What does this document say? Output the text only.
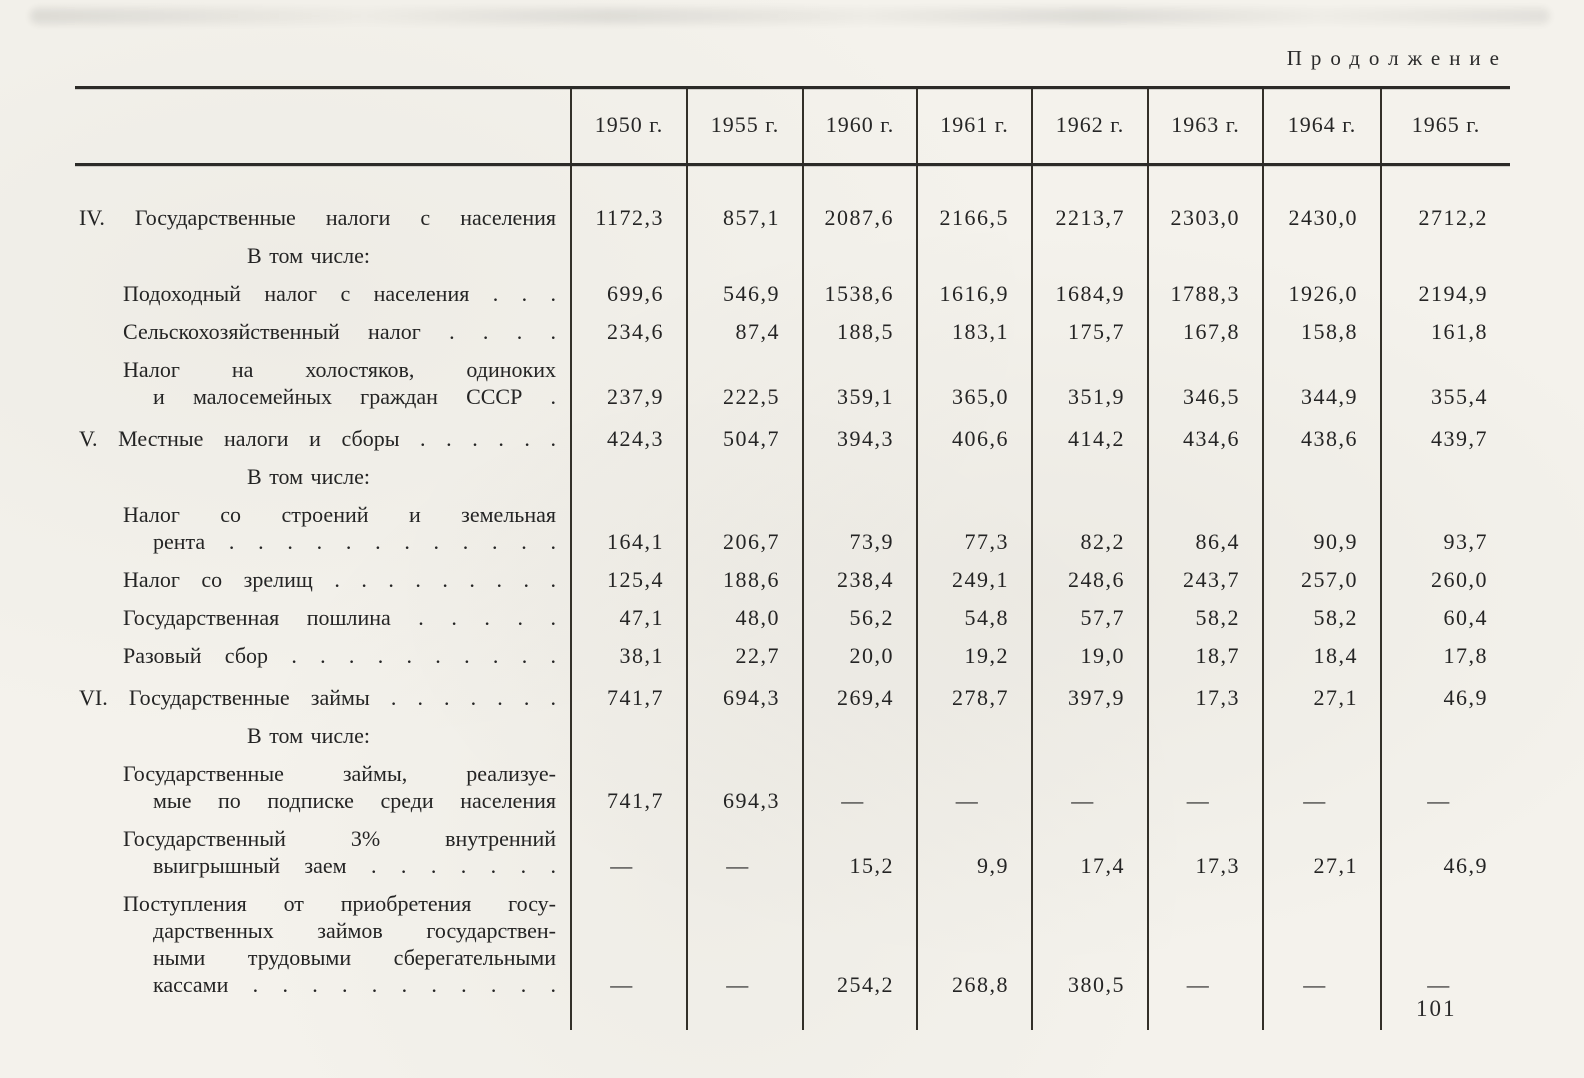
Продолжение
1950 г.	1955 г.	1960 г.	1961 г.	1962 г.	1963 г.	1964 г.	1965 г.
IV. Государственные налоги с населения	1172,3	857,1	2087,6	2166,5	2213,7	2303,0	2430,0	2712,2
В том числе:
Подоходный налог с населения . . .	699,6	546,9	1538,6	1616,9	1684,9	1788,3	1926,0	2194,9
Сельскохозяйственный налог . . . .	234,6	87,4	188,5	183,1	175,7	167,8	158,8	161,8
Налог на холостяков, одиноких
и малосемейных граждан СССР .	237,9	222,5	359,1	365,0	351,9	346,5	344,9	355,4
V. Местные налоги и сборы . . . . . .	424,3	504,7	394,3	406,6	414,2	434,6	438,6	439,7
В том числе:
Налог со строений и земельная
рента . . . . . . . . . . . .	164,1	206,7	73,9	77,3	82,2	86,4	90,9	93,7
Налог со зрелищ . . . . . . . . .	125,4	188,6	238,4	249,1	248,6	243,7	257,0	260,0
Государственная пошлина . . . . .	47,1	48,0	56,2	54,8	57,7	58,2	58,2	60,4
Разовый сбор . . . . . . . . . .	38,1	22,7	20,0	19,2	19,0	18,7	18,4	17,8
VI. Государственные займы . . . . . . .	741,7	694,3	269,4	278,7	397,9	17,3	27,1	46,9
В том числе:
Государственные займы, реализуе-
мые по подписке среди населения	741,7	694,3	—	—	—	—	—	—
Государственный 3% внутренний
выигрышный заем . . . . . . .	—	—	15,2	9,9	17,4	17,3	27,1	46,9
Поступления от приобретения госу-
дарственных займов государствен-
ными трудовыми сберегательными
кассами . . . . . . . . . . .	—	—	254,2	268,8	380,5	—	—	—
101
